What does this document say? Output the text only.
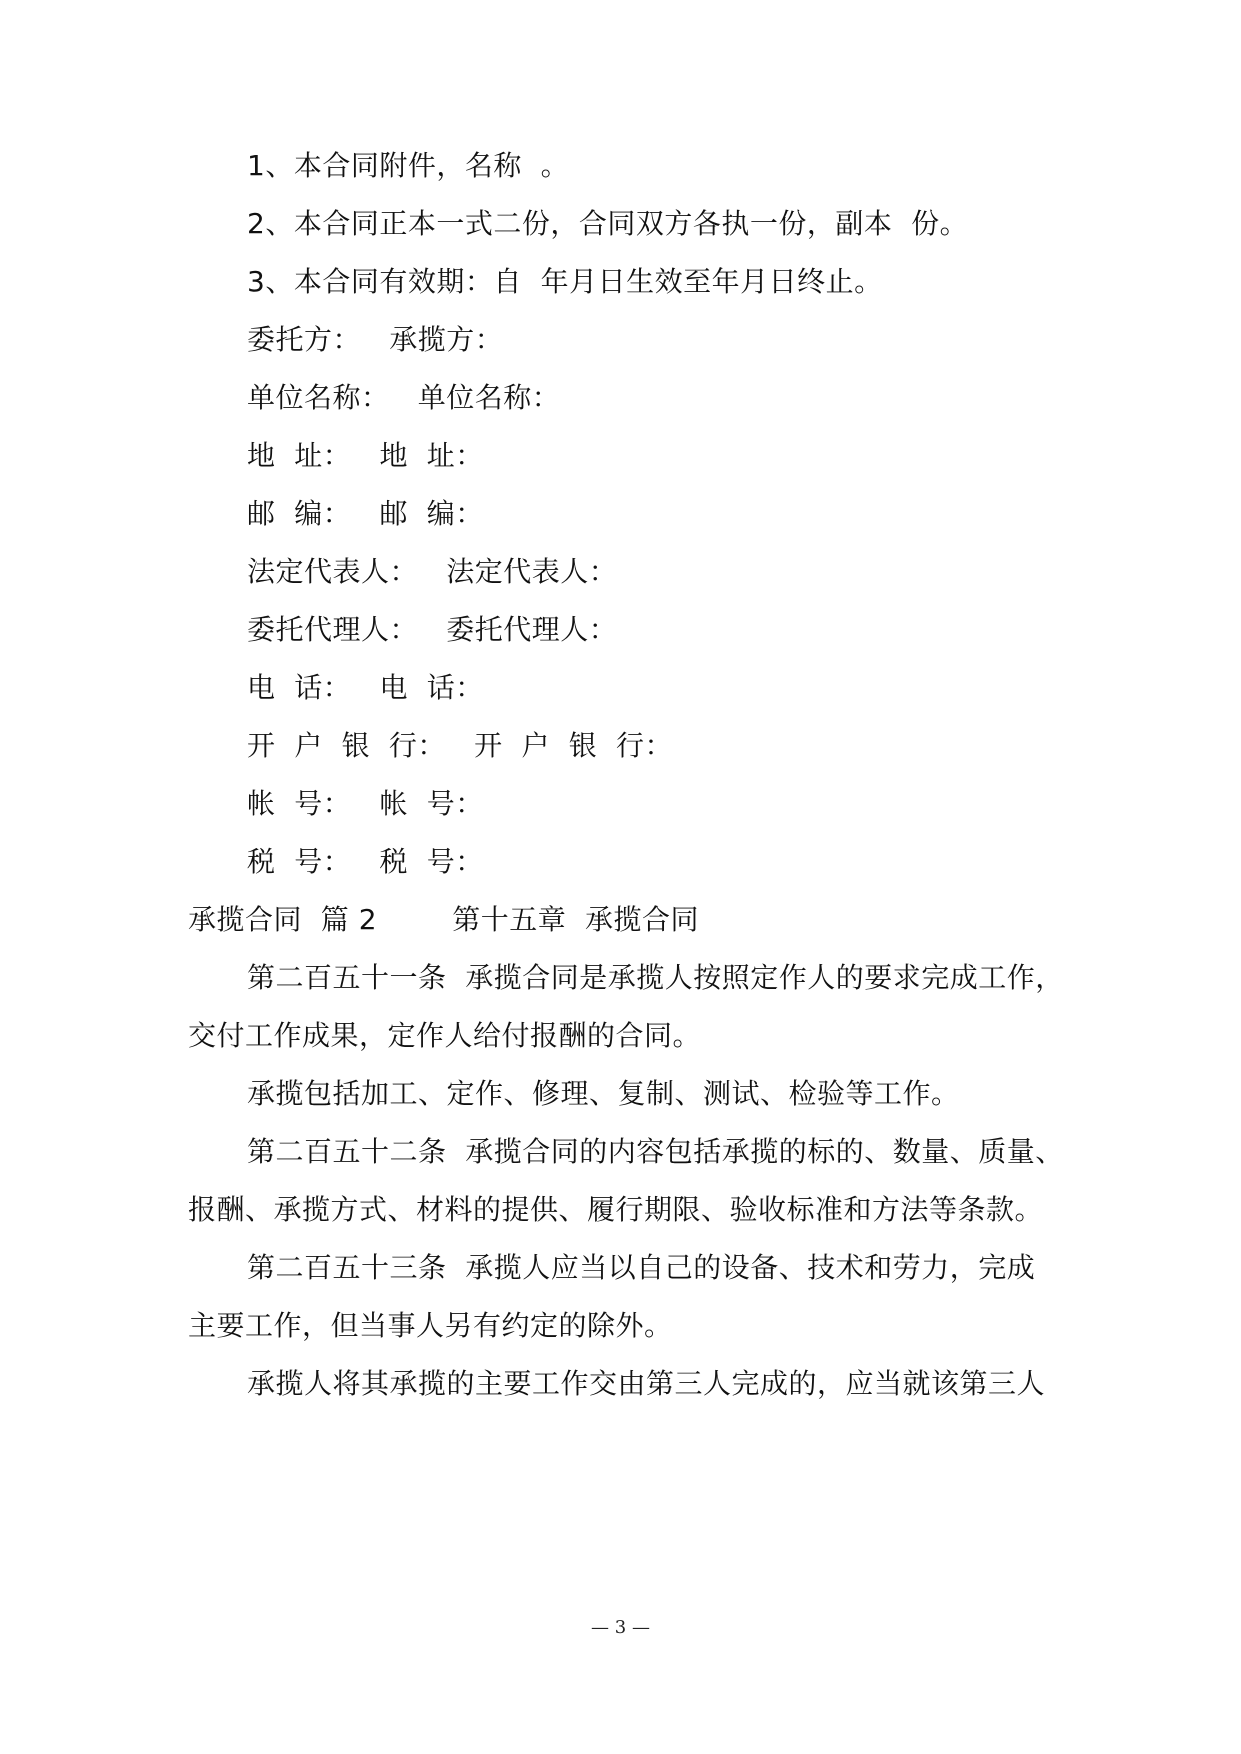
1、本合同附件，名称  。
2、本合同正本一式二份，合同双方各执一份，副本  份。
3、本合同有效期：自  年月日生效至年月日终止。
委托方：   承揽方：
单位名称：   单位名称：
地  址：   地  址：
邮  编：   邮  编：
法定代表人：   法定代表人：
委托代理人：   委托代理人：
电  话：   电  话：
开  户  银  行：   开  户  银  行：
帐  号：   帐  号：
税  号：   税  号：
承揽合同  篇 2        第十五章  承揽合同
第二百五十一条  承揽合同是承揽人按照定作人的要求完成工作，
交付工作成果，定作人给付报酬的合同。
承揽包括加工、定作、修理、复制、测试、检验等工作。
第二百五十二条  承揽合同的内容包括承揽的标的、数量、质量、
报酬、承揽方式、材料的提供、履行期限、验收标准和方法等条款。
第二百五十三条  承揽人应当以自己的设备、技术和劳力，完成
主要工作，但当事人另有约定的除外。
承揽人将其承揽的主要工作交由第三人完成的，应当就该第三人
— 3 —
